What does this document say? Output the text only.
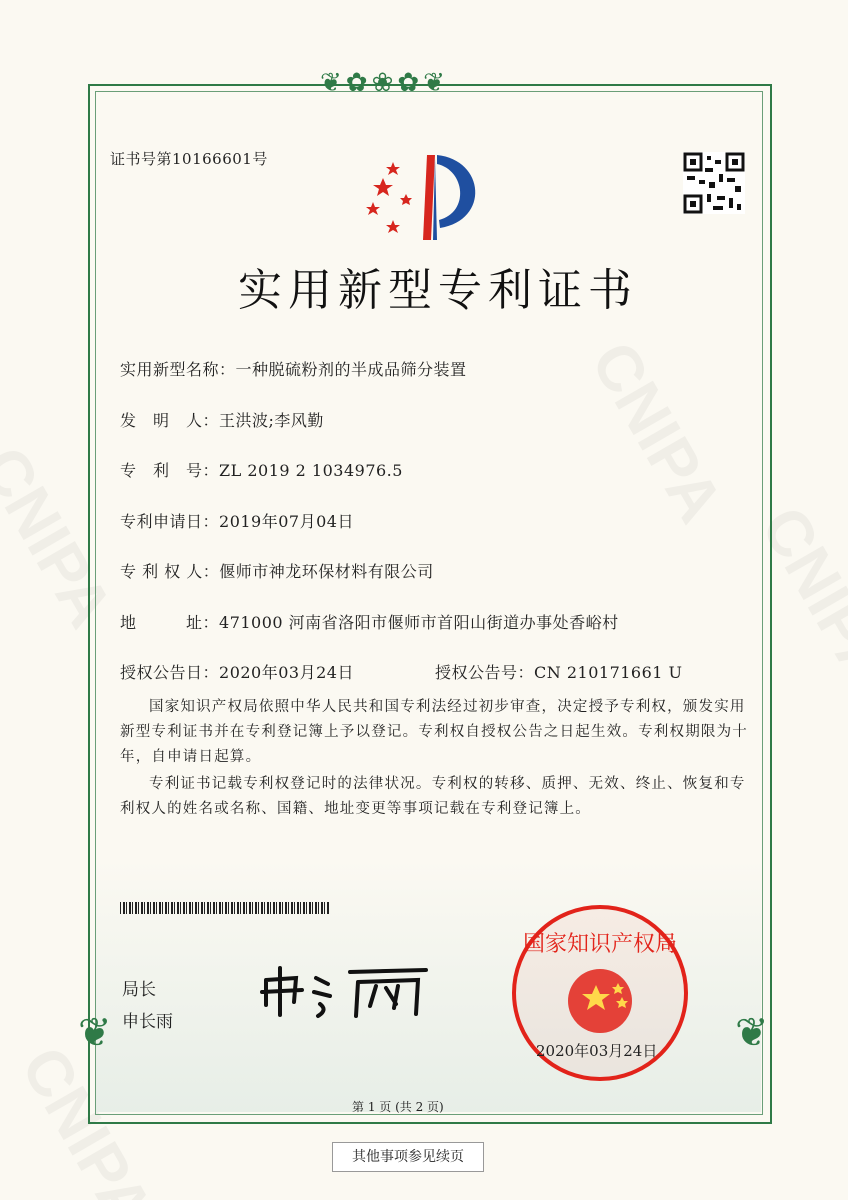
❦✿❀✿❦
❦	❦
证书号第10166601号
实用新型专利证书
实用新型名称：一种脱硫粉剂的半成品筛分装置
发　明　人：王洪波;李风勤
专　利　号：ZL 2019 2 1034976.5
专利申请日：2019年07月04日
专 利 权 人：偃师市神龙环保材料有限公司
地　　　址：471000 河南省洛阳市偃师市首阳山街道办事处香峪村
授权公告日：2020年03月24日	授权公告号：CN 210171661 U
国家知识产权局依照中华人民共和国专利法经过初步审查，决定授予专利权，颁发实用新型专利证书并在专利登记簿上予以登记。专利权自授权公告之日起生效。专利权期限为十年，自申请日起算。
专利证书记载专利权登记时的法律状况。专利权的转移、质押、无效、终止、恢复和专利权人的姓名或名称、国籍、地址变更等事项记载在专利登记簿上。
局长
申长雨
国家知识产权局
2020年03月24日
第 1 页 (共 2 页)
其他事项参见续页
